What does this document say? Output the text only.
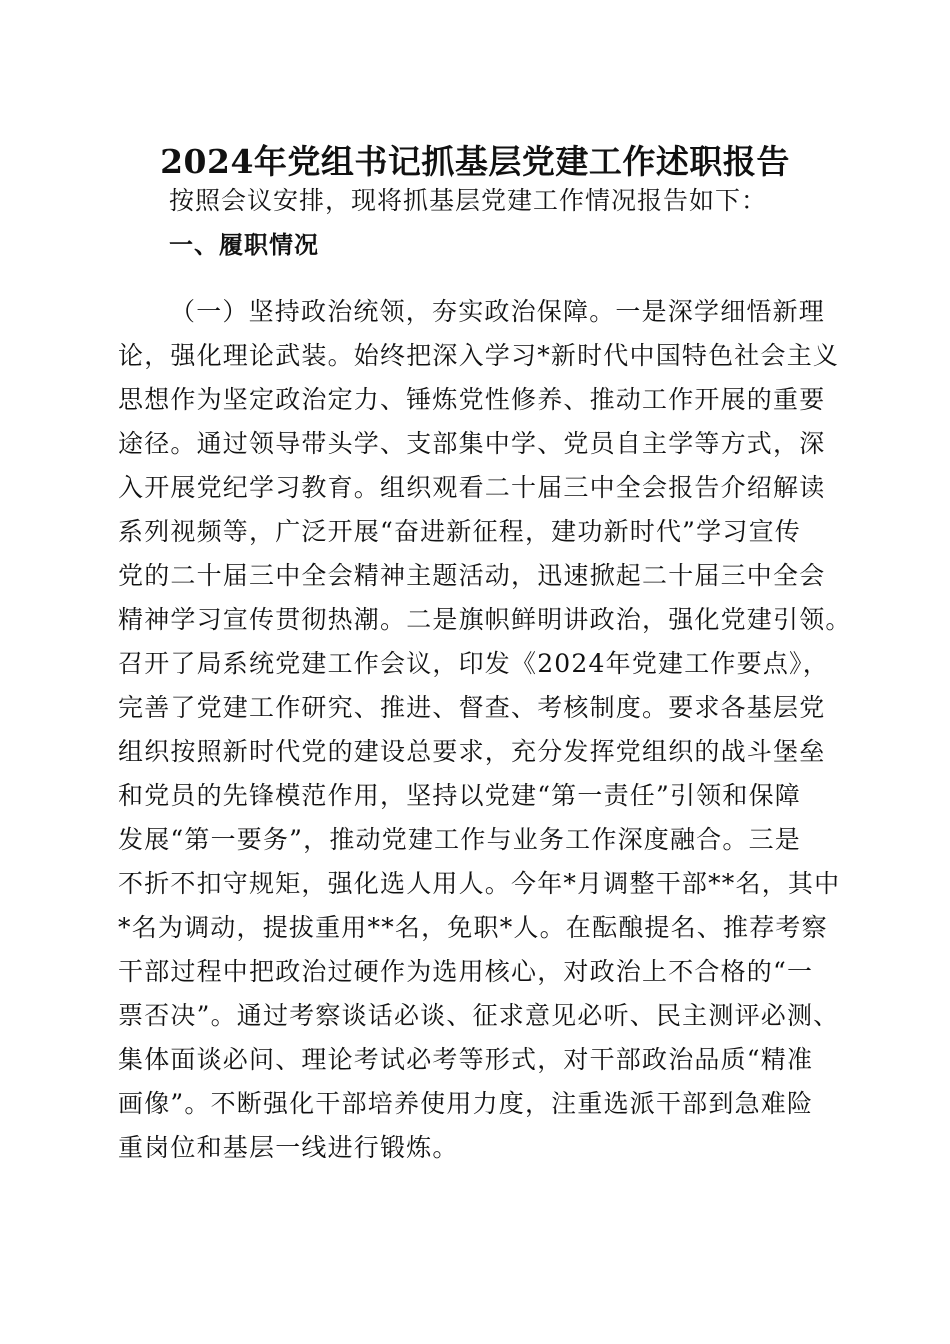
2024年党组书记抓基层党建工作述职报告

按照会议安排，现将抓基层党建工作情况报告如下：

一、履职情况
（一）坚持政治统领，夯实政治保障。一是深学细悟新理
论，强化理论武装。始终把深入学习*新时代中国特色社会主义
思想作为坚定政治定力、锤炼党性修养、推动工作开展的重要
途径。通过领导带头学、支部集中学、党员自主学等方式，深
入开展党纪学习教育。组织观看二十届三中全会报告介绍解读
系列视频等，广泛开展“奋进新征程，建功新时代”学习宣传
党的二十届三中全会精神主题活动，迅速掀起二十届三中全会
精神学习宣传贯彻热潮。二是旗帜鲜明讲政治，强化党建引领。
召开了局系统党建工作会议，印发《2024年党建工作要点》，
完善了党建工作研究、推进、督查、考核制度。要求各基层党
组织按照新时代党的建设总要求，充分发挥党组织的战斗堡垒
和党员的先锋模范作用，坚持以党建“第一责任”引领和保障
发展“第一要务”，推动党建工作与业务工作深度融合。三是
不折不扣守规矩，强化选人用人。今年*月调整干部**名，其中
*名为调动，提拔重用**名，免职*人。在酝酿提名、推荐考察
干部过程中把政治过硬作为选用核心，对政治上不合格的“一
票否决”。通过考察谈话必谈、征求意见必听、民主测评必测、
集体面谈必问、理论考试必考等形式，对干部政治品质“精准
画像”。不断强化干部培养使用力度，注重选派干部到急难险
重岗位和基层一线进行锻炼。
